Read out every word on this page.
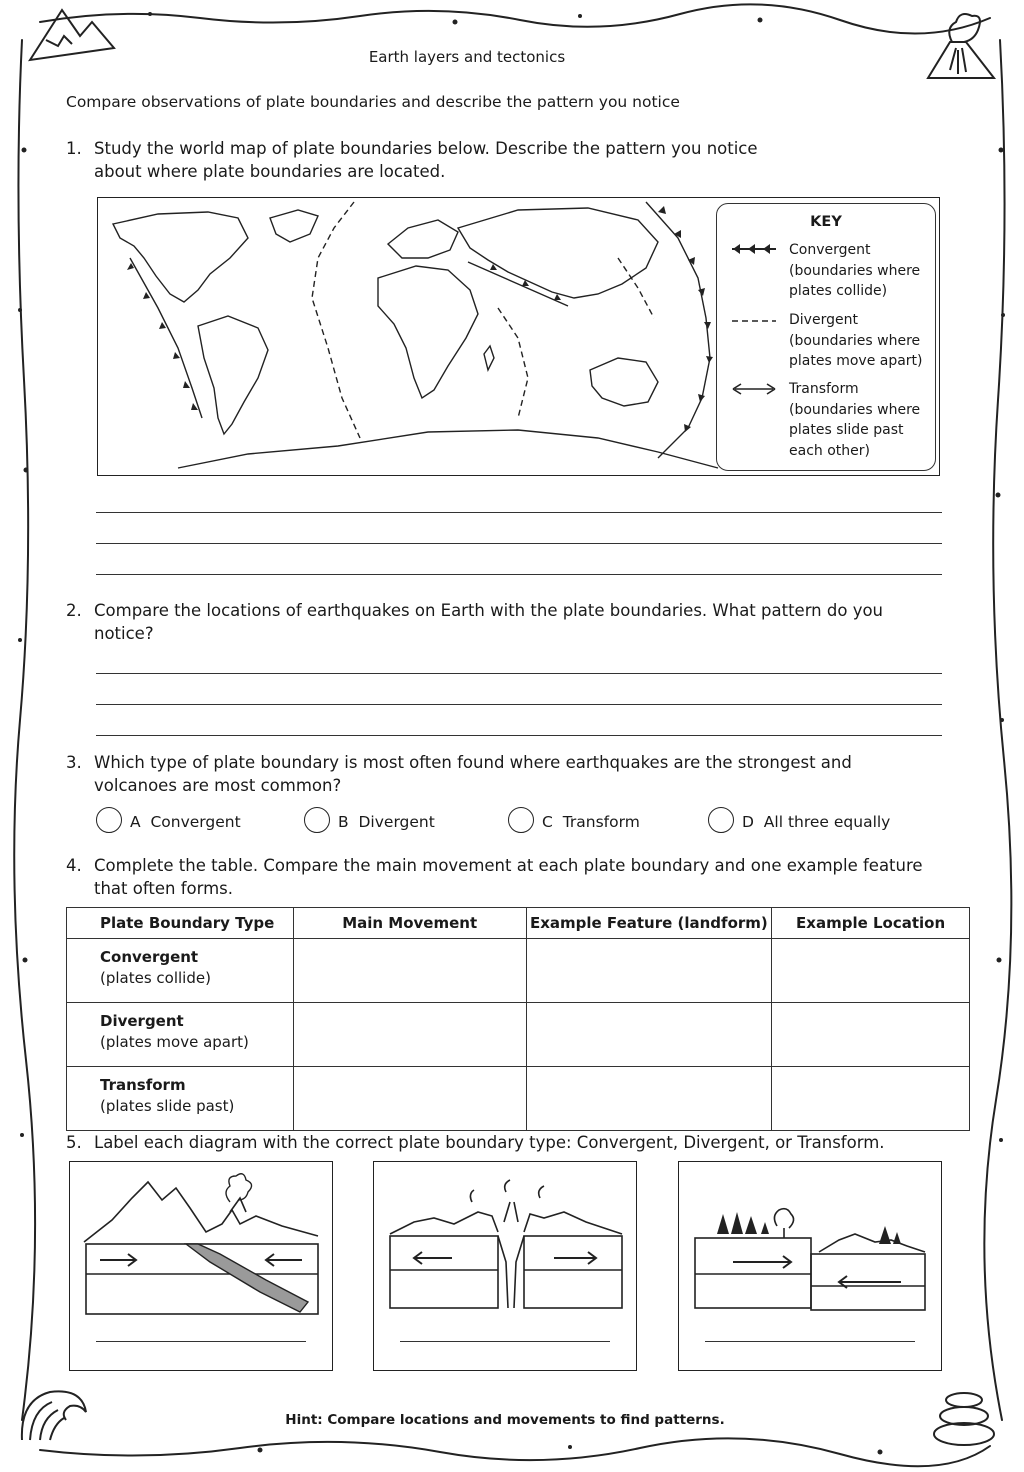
Earth layers and tectonics
Compare observations of plate boundaries and describe the pattern you notice
1. Study the world map of plate boundaries below. Describe the pattern you notice about where plate boundaries are located.
KEY
Convergent
(boundaries where
plates collide)
Divergent
(boundaries where
plates move apart)
Transform
(boundaries where
plates slide past
each other)
2. Compare the locations of earthquakes on Earth with the plate boundaries. What pattern do you notice?
3. Which type of plate boundary is most often found where earthquakes are the strongest and volcanoes are most common?
A Convergent	B Divergent	C Transform	D All three equally
4. Complete the table. Compare the main movement at each plate boundary and one example feature that often forms.
Plate Boundary Type	Main Movement	Example Feature (landform)	Example Location
Convergent
(plates collide)			
Divergent
(plates move apart)			
Transform
(plates slide past)			
5. Label each diagram with the correct plate boundary type: Convergent, Divergent, or Transform.
Hint: Compare locations and movements to find patterns.
